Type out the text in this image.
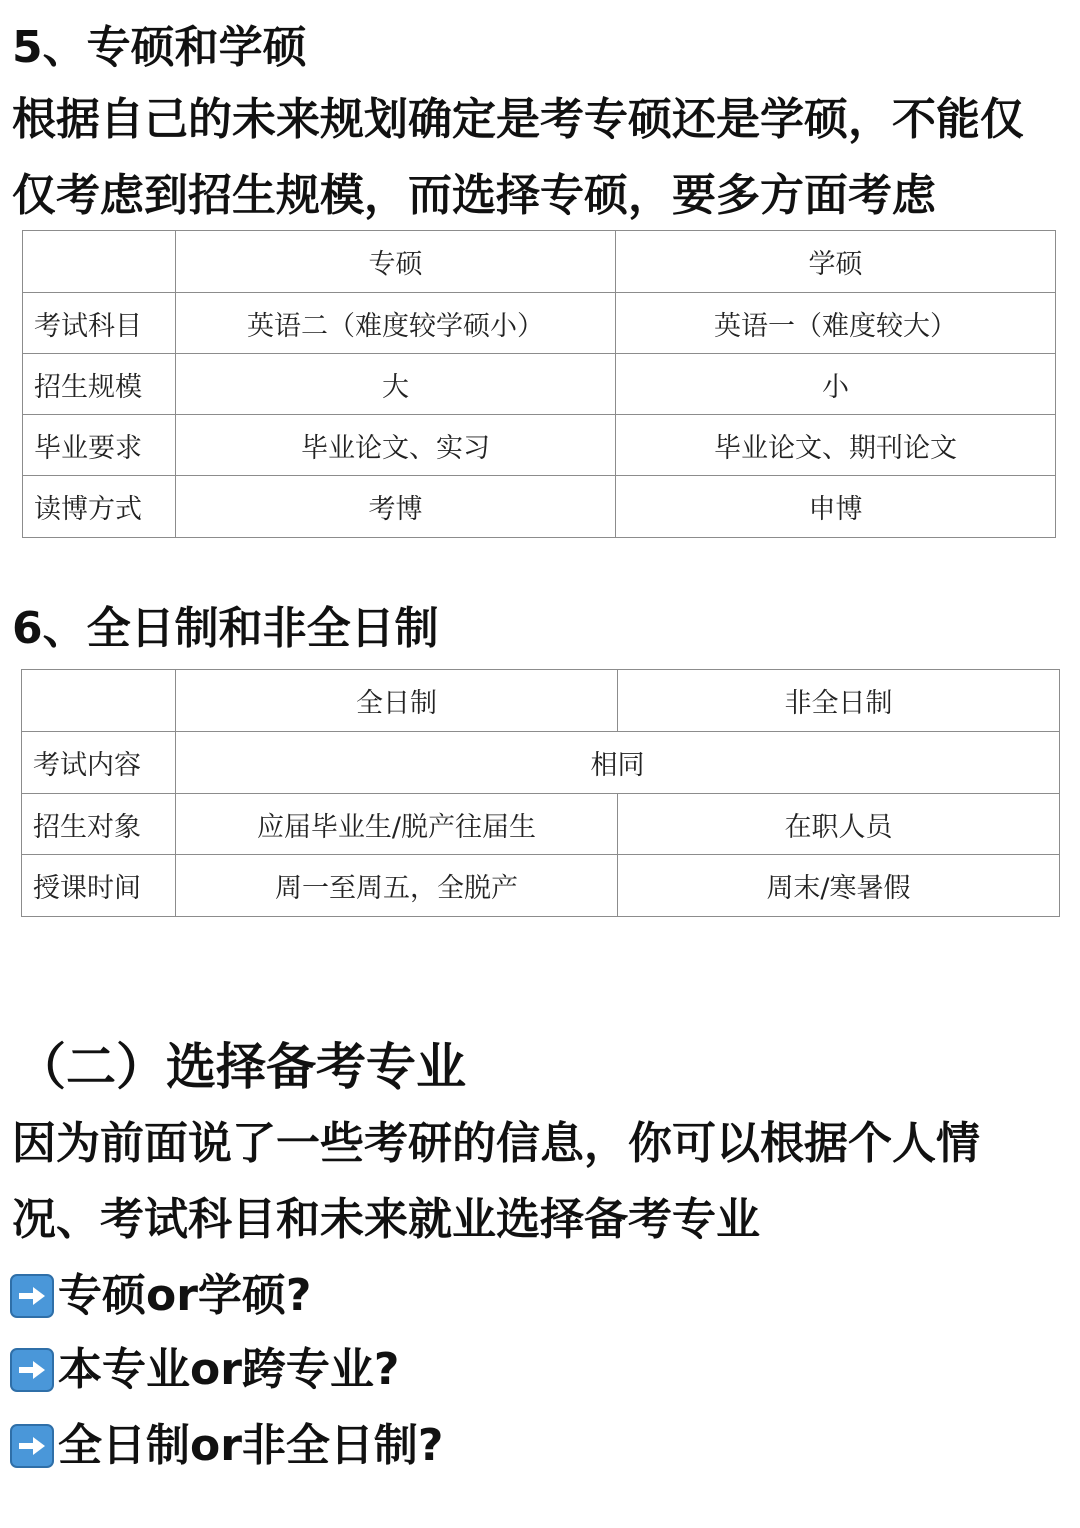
5、专硕和学硕
根据自己的未来规划确定是考专硕还是学硕，不能仅
仅考虑到招生规模，而选择专硕，要多方面考虑
	专硕	学硕
考试科目	英语二（难度较学硕小）	英语一（难度较大）
招生规模	大	小
毕业要求	毕业论文、实习	毕业论文、期刊论文
读博方式	考博	申博
6、全日制和非全日制
	全日制	非全日制
考试内容	相同	
招生对象	应届毕业生/脱产往届生	在职人员
授课时间	周一至周五，全脱产	周末/寒暑假
（二）选择备考专业
因为前面说了一些考研的信息，你可以根据个人情
况、考试科目和未来就业选择备考专业
专硕or学硕?
本专业or跨专业?
全日制or非全日制?
